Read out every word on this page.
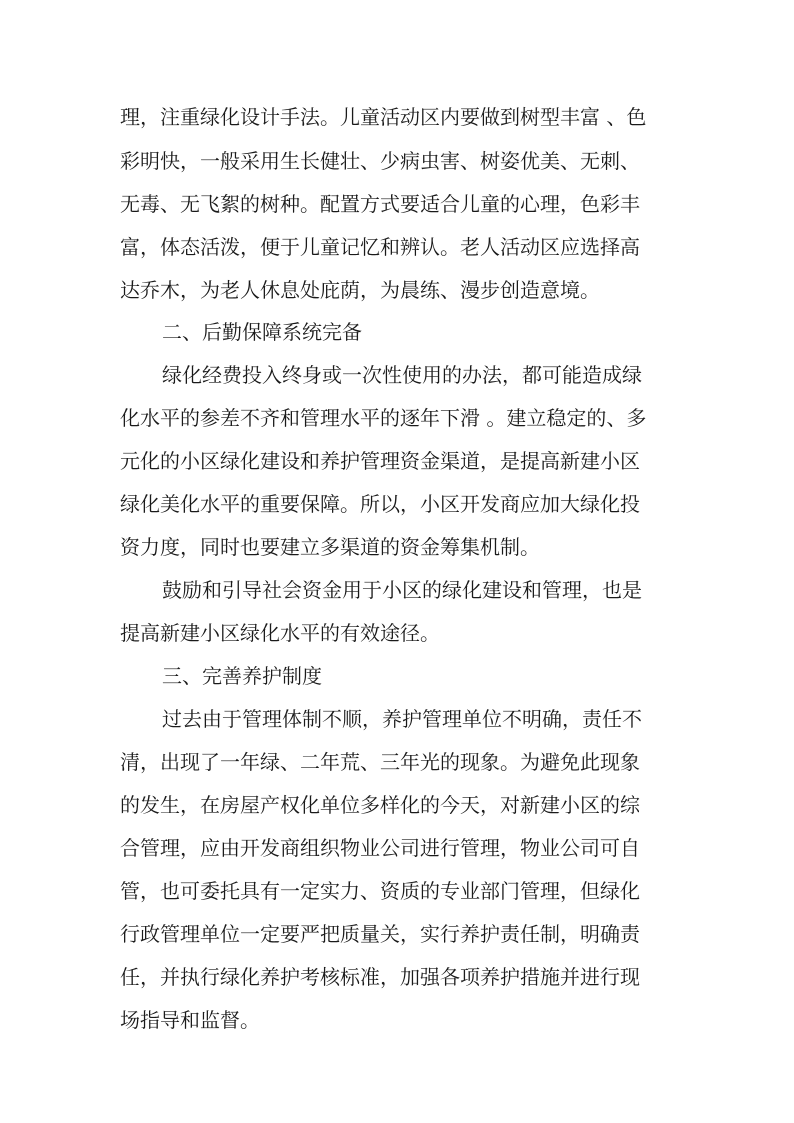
理，注重绿化设计手法。儿童活动区内要做到树型丰富 、色

彩明快，一般采用生长健壮、少病虫害、树姿优美、无刺、

无毒、无飞絮的树种。配置方式要适合儿童的心理，色彩丰

富，体态活泼，便于儿童记忆和辨认。老人活动区应选择高

达乔木，为老人休息处庇荫，为晨练、漫步创造意境。

二、后勤保障系统完备

绿化经费投入终身或一次性使用的办法，都可能造成绿

化水平的参差不齐和管理水平的逐年下滑 。建立稳定的、多

元化的小区绿化建设和养护管理资金渠道，是提高新建小区

绿化美化水平的重要保障。所以，小区开发商应加大绿化投

资力度，同时也要建立多渠道的资金筹集机制。

鼓励和引导社会资金用于小区的绿化建设和管理，也是

提高新建小区绿化水平的有效途径。

三、完善养护制度

过去由于管理体制不顺，养护管理单位不明确，责任不

清，出现了一年绿、二年荒、三年光的现象。为避免此现象

的发生，在房屋产权化单位多样化的今天，对新建小区的综

合管理，应由开发商组织物业公司进行管理，物业公司可自

管，也可委托具有一定实力、资质的专业部门管理，但绿化

行政管理单位一定要严把质量关，实行养护责任制，明确责

任，并执行绿化养护考核标准，加强各项养护措施并进行现

场指导和监督。
